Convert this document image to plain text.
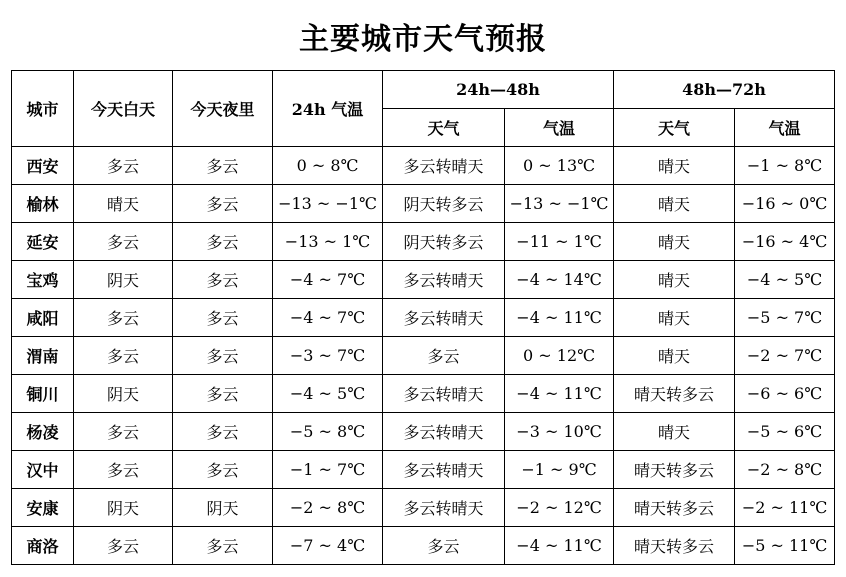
主要城市天气预报
城市	今天白天	今天夜里	24h 气温	24h—48h		48h—72h	
				天气	气温	天气	气温
西安	多云	多云	0 ~ 8℃	多云转晴天	0 ~ 13℃	晴天	−1 ~ 8℃
榆林	晴天	多云	−13 ~ −1℃	阴天转多云	−13 ~ −1℃	晴天	−16 ~ 0℃
延安	多云	多云	−13 ~ 1℃	阴天转多云	−11 ~ 1℃	晴天	−16 ~ 4℃
宝鸡	阴天	多云	−4 ~ 7℃	多云转晴天	−4 ~ 14℃	晴天	−4 ~ 5℃
咸阳	多云	多云	−4 ~ 7℃	多云转晴天	−4 ~ 11℃	晴天	−5 ~ 7℃
渭南	多云	多云	−3 ~ 7℃	多云	0 ~ 12℃	晴天	−2 ~ 7℃
铜川	阴天	多云	−4 ~ 5℃	多云转晴天	−4 ~ 11℃	晴天转多云	−6 ~ 6℃
杨凌	多云	多云	−5 ~ 8℃	多云转晴天	−3 ~ 10℃	晴天	−5 ~ 6℃
汉中	多云	多云	−1 ~ 7℃	多云转晴天	−1 ~ 9℃	晴天转多云	−2 ~ 8℃
安康	阴天	阴天	−2 ~ 8℃	多云转晴天	−2 ~ 12℃	晴天转多云	−2 ~ 11℃
商洛	多云	多云	−7 ~ 4℃	多云	−4 ~ 11℃	晴天转多云	−5 ~ 11℃
